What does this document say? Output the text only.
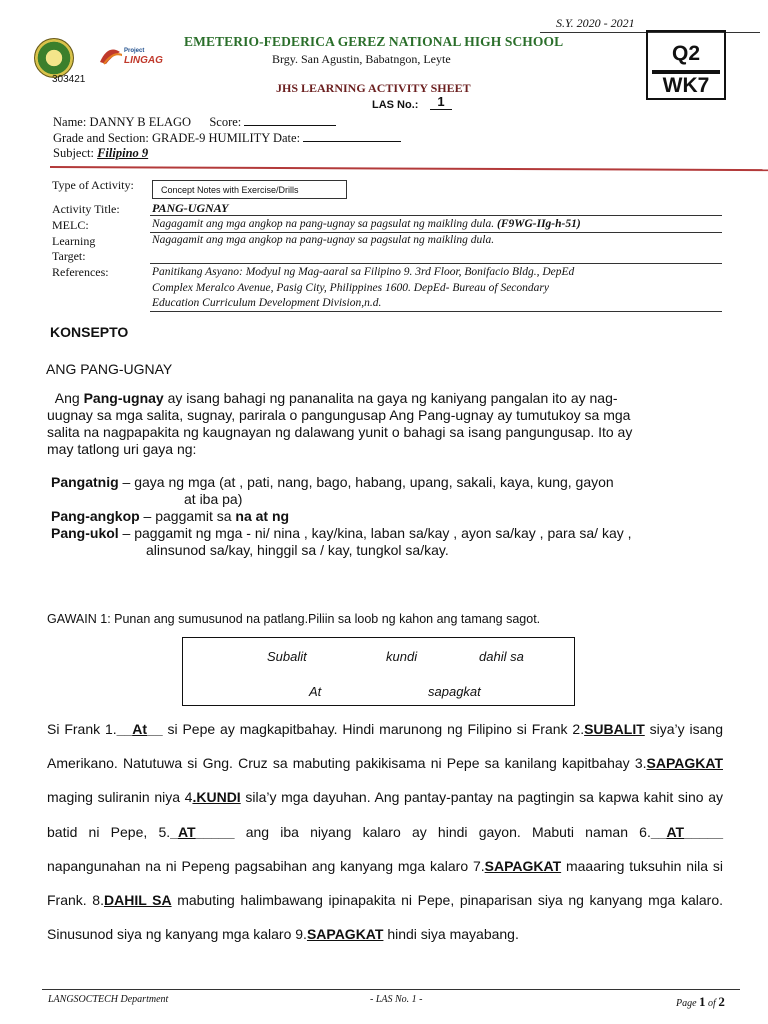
S.Y. 2020 - 2021
303421
Project
LINGAG
EMETERIO-FEDERICA GEREZ NATIONAL HIGH SCHOOL
Brgy. San Agustin, Babatngon, Leyte
JHS LEARNING ACTIVITY SHEET
LAS No.:	1
Q2
WK7
Name: DANNY B ELAGO Score:
Grade and Section: GRADE-9 HUMILITY Date:
Subject: Filipino 9
Type of Activity:	Concept Notes with Exercise/Drills
Activity Title:	PANG-UGNAY
MELC:	Nagagamit ang mga angkop na pang-ugnay sa pagsulat ng maikling dula. (F9WG-IIg-h-51)
Learning
Target:
Nagagamit ang mga angkop na pang-ugnay sa pagsulat ng maikling dula.
References:	Panitikang Asyano: Modyul ng Mag-aaral sa Filipino 9. 3rd Floor, Bonifacio Bldg., DepEd
Complex Meralco Avenue, Pasig City, Philippines 1600. DepEd- Bureau of Secondary
Education Curriculum Development Division,n.d.
KONSEPTO
ANG PANG-UGNAY

Ang Pang-ugnay ay isang bahagi ng pananalita na gaya ng kaniyang pangalan ito ay nag-

uugnay sa mga salita, sugnay, parirala o pangungusap Ang Pang-ugnay ay tumutukoy sa mga

salita na nagpapakita ng kaugnayan ng dalawang yunit o bahagi sa isang pangungusap. Ito ay

may tatlong uri gaya ng:

Pangatnig – gaya ng mga (at , pati, nang, bago, habang, upang, sakali, kaya, kung, gayon
at iba pa)
Pang-angkop – paggamit sa na at ng
Pang-ukol – paggamit ng mga - ni/ nina , kay/kina, laban sa/kay , ayon sa/kay , para sa/ kay ,
alinsunod sa/kay, hinggil sa / kay, tungkol sa/kay.
GAWAIN 1: Punan ang sumusunod na patlang.Piliin sa loob ng kahon ang tamang sagot.
Subalit	kundi	dahil sa
At	sapagkat
Si Frank 1.__At__ si Pepe ay magkapitbahay. Hindi marunong ng Filipino si Frank 2.SUBALIT siya’y isang Amerikano. Natutuwa si Gng. Cruz sa mabuting pakikisama ni Pepe sa kanilang kapitbahay 3.SAPAGKAT maging suliranin niya 4.KUNDI sila’y mga dayuhan. Ang pantay-pantay na pagtingin sa kapwa kahit sino ay batid ni Pepe, 5._AT_____ ang iba niyang kalaro ay hindi gayon. Mabuti naman 6.__AT_____ napangunahan na ni Pepeng pagsabihan ang kanyang mga kalaro 7.SAPAGKAT maaaring tuksuhin nila si Frank. 8.DAHIL SA mabuting halimbawang ipinapakita ni Pepe, pinaparisan siya ng kanyang mga kalaro. Sinusunod siya ng kanyang mga kalaro 9.SAPAGKAT hindi siya mayabang.
LANGSOCTECH Department	- LAS No. 1 -	Page 1 of 2
